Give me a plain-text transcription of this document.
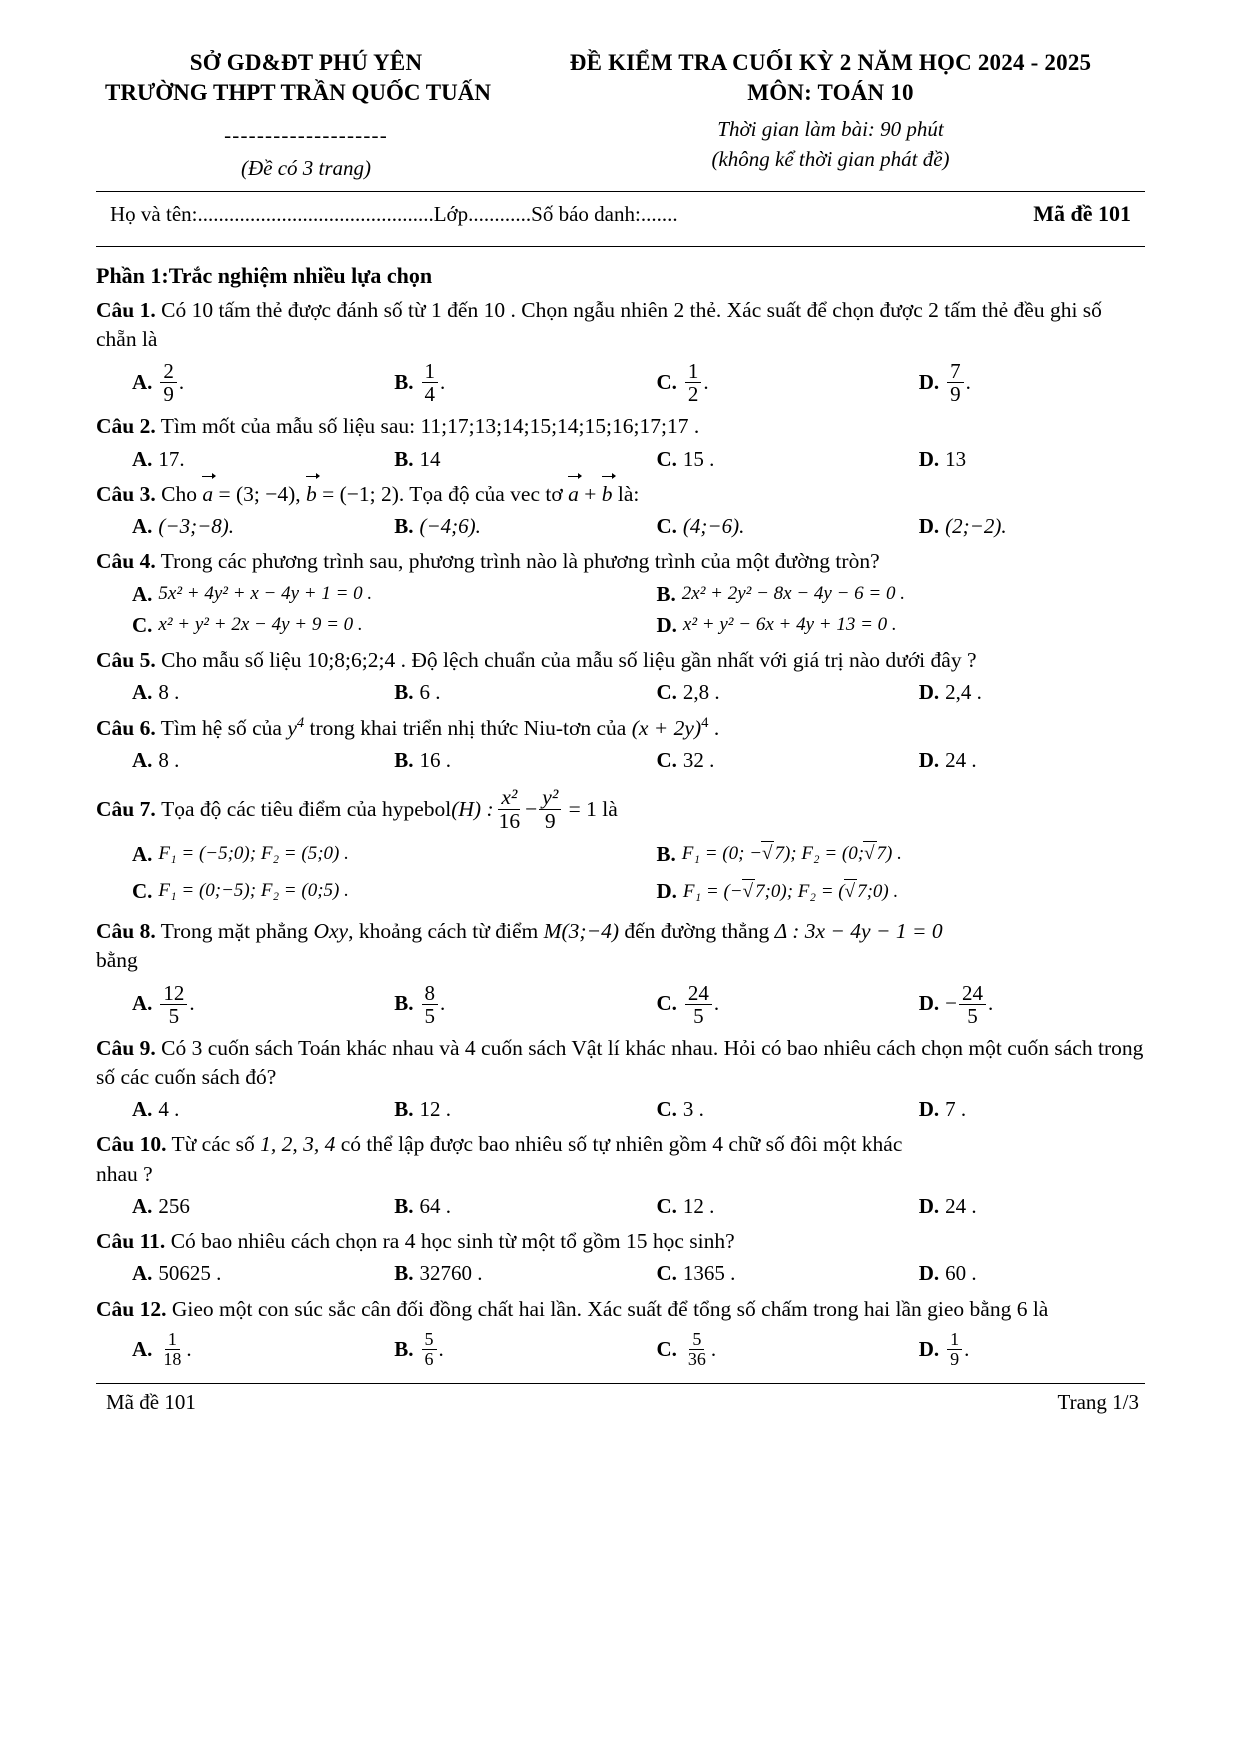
SỞ GD&ĐT PHÚ YÊN
TRƯỜNG THPT TRẦN QUỐC TUẤN
--------------------
(Đề có 3 trang)
ĐỀ KIỂM TRA CUỐI KỲ 2 NĂM HỌC 2024 - 2025
MÔN: TOÁN 10
Thời gian làm bài: 90 phút
(không kể thời gian phát đề)
Họ và tên: ............................................. Lớp ............ Số báo danh: .......	Mã đề 101
Phần 1:Trắc nghiệm nhiều lựa chọn
Câu 1. Có 10 tấm thẻ được đánh số từ 1 đến 10 . Chọn ngẫu nhiên 2 thẻ. Xác suất để chọn được 2 tấm thẻ đều ghi số chẵn là
A. $\frac{2}{9}$ .	B. $\frac{1}{4}$ .	C. $\frac{1}{2}$ .	D. $\frac{7}{9}$ .
Câu 2. Tìm mốt của mẫu số liệu sau: 11;17;13;14;15;14;15;16;17;17 .
A. 17.	B. 14	C. 15 .	D. 13
Câu 3. Cho a = (3; −4), b = (−1; 2). Tọa độ của vec tơ a + b là:
A. (−3;−8).	B. (−4;6).	C. (4;−6).	D. (2;−2).
Câu 4. Trong các phương trình sau, phương trình nào là phương trình của một đường tròn?
A. 5x² + 4y² + x − 4y + 1 = 0 .	B. 2x² + 2y² − 8x − 4y − 6 = 0 .
C. x² + y² + 2x − 4y + 9 = 0 .	D. x² + y² − 6x + 4y + 13 = 0 .
Câu 5. Cho mẫu số liệu 10;8;6;2;4 . Độ lệch chuẩn của mẫu số liệu gần nhất với giá trị nào dưới đây ?
A. 8 .	B. 6 .	C. 2,8 .	D. 2,4 .
Câu 6. Tìm hệ số của $y^4$ trong khai triển nhị thức Niu-tơn của $(x + 2y)^4$ .
A. 8 .	B. 16 .	C. 32 .	D. 24 .
Câu 7.
Tọa độ các tiêu điểm của hypebol (H) : $\frac{\text{x²}}{16} - \frac{\text{y²}}{9}$
= 1 là
A. F₁ = (−5;0); F₂ = (5;0) .	B. F₁ = (0; −√ 7); F₂ = (0;√ 7) .
C. F₁ = (0;−5); F₂ = (0;5) .	D. F₁ = (−√ 7;0); F₂ = (√ 7;0) .
Câu 8. Trong mặt phẳng Oxy, khoảng cách từ điểm M(3;−4) đến đường thẳng Δ : 3x − 4y − 1 = 0
bằng
A. $\frac{12}{5}$ .	B. $\frac{8}{5}$ .	C. $\frac{24}{5}$ .	D. − $\frac{24}{5}$ .
Câu 9. Có 3 cuốn sách Toán khác nhau và 4 cuốn sách Vật lí khác nhau. Hỏi có bao nhiêu cách chọn một cuốn sách trong số các cuốn sách đó?
A. 4 .	B. 12 .	C. 3 .	D. 7 .
Câu 10. Từ các số 1, 2, 3, 4 có thể lập được bao nhiêu số tự nhiên gồm 4 chữ số đôi một khác
nhau ?
A. 256	B. 64 .	C. 12 .	D. 24 .
Câu 11. Có bao nhiêu cách chọn ra 4 học sinh từ một tổ gồm 15 học sinh?
A. 50625 .	B. 32760 .	C. 1365 .	D. 60 .
Câu 12. Gieo một con súc sắc cân đối đồng chất hai lần. Xác suất để tổng số chấm trong hai lần gieo bằng 6 là
A. $\frac{1}{18}$ .	B. $\frac{5}{6}$ .	C. $\frac{5}{36}$ .	D. $\frac{1}{9}$ .
Mã đề 101	Trang 1/3
